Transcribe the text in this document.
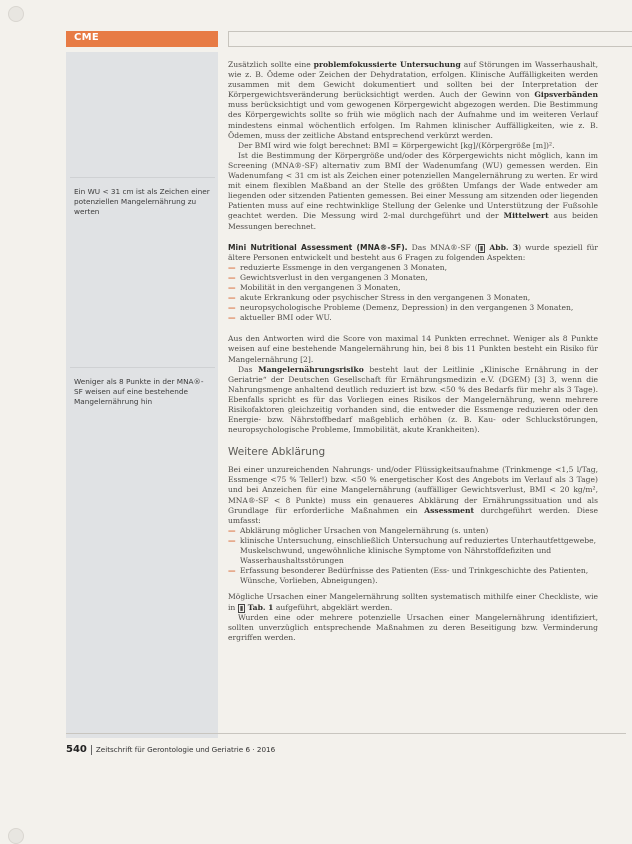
CME
Ein WU < 31 cm ist als Zeichen einer potenziellen Mangelernährung zu werten
Weniger als 8 Punkte in der MNA®-SF weisen auf eine bestehende Mangelernährung hin

Zusätzlich sollte eine problemfokussierte Untersuchung auf Störungen im Wasserhaushalt, wie z. B. Ödeme oder Zeichen der Dehydratation, erfolgen. Klinische Auffälligkeiten werden zusammen mit dem Gewicht dokumentiert und sollten bei der Interpretation der Körpergewichtsveränderung berücksichtigt werden. Auch der Gewinn von Gipsverbänden muss berücksichtigt und vom gewogenen Körpergewicht abgezogen werden. Die Bestimmung des Körpergewichts sollte so früh wie möglich nach der Aufnahme und im weiteren Verlauf mindestens einmal wöchentlich erfolgen. Im Rahmen klinischer Auffälligkeiten, wie z. B. Ödemen, muss der zeitliche Abstand entsprechend verkürzt werden.

Der BMI wird wie folgt berechnet: BMI = Körpergewicht [kg]/(Körpergröße [m])².

Ist die Bestimmung der Körpergröße und/oder des Körpergewichts nicht möglich, kann im Screening (MNA®-SF) alternativ zum BMI der Wadenumfang (WU) gemessen werden. Ein Wadenumfang < 31 cm ist als Zeichen einer potenziellen Mangelernährung zu werten. Er wird mit einem flexiblen Maßband an der Stelle des größten Umfangs der Wade entweder am liegenden oder sitzenden Patienten gemessen. Bei einer Messung am sitzenden oder liegenden Patienten muss auf eine rechtwinklige Stellung der Gelenke und Unterstützung der Fußsohle geachtet werden. Die Messung wird 2-mal durchgeführt und der Mittelwert aus beiden Messungen berechnet.

Mini Nutritional Assessment (MNA®-SF). Das MNA®-SF ( ▮ Abb. 3) wurde speziell für ältere Personen entwickelt und besteht aus 6 Fragen zu folgenden Aspekten:

— reduzierte Essmenge in den vergangenen 3 Monaten,
— Gewichtsverlust in den vergangenen 3 Monaten,
— Mobilität in den vergangenen 3 Monaten,
— akute Erkrankung oder psychischer Stress in den vergangenen 3 Monaten,
— neuropsychologische Probleme (Demenz, Depression) in den vergangenen 3 Monaten,
— aktueller BMI oder WU.

Aus den Antworten wird die Score von maximal 14 Punkten errechnet. Weniger als 8 Punkte weisen auf eine bestehende Mangelernährung hin, bei 8 bis 11 Punkten besteht ein Risiko für Mangelernährung [2].

Das Mangelernährungsrisiko besteht laut der Leitlinie „Klinische Ernährung in der Geriatrie“ der Deutschen Gesellschaft für Ernährungsmedizin e.V. (DGEM) [3] 3, wenn die Nahrungsmenge anhaltend deutlich reduziert ist bzw. <50 % des Bedarfs für mehr als 3 Tage). Ebenfalls spricht es für das Vorliegen eines Risikos der Mangelernährung, wenn mehrere Risikofaktoren gleichzeitig vorhanden sind, die entweder die Essmenge reduzieren oder den Energie- bzw. Nährstoffbedarf maßgeblich erhöhen (z. B. Kau- oder Schluckstörungen, neuropsychologische Probleme, Immobilität, akute Krankheiten).

Weitere Abklärung

Bei einer unzureichenden Nahrungs- und/oder Flüssigkeitsaufnahme (Trinkmenge <1,5 l/Tag, Essmenge <75 % Teller!) bzw. <50 % energetischer Kost des Angebots im Verlauf als 3 Tage) und bei Anzeichen für eine Mangelernährung (auffälliger Gewichtsverlust, BMI < 20 kg/m², MNA®-SF < 8 Punkte) muss ein genaueres Abklärung der Ernährungssituation und als Grundlage für erforderliche Maßnahmen ein Assessment durchgeführt werden. Diese umfasst:

— Abklärung möglicher Ursachen von Mangelernährung (s. unten)
— klinische Untersuchung, einschließlich Untersuchung auf reduziertes Unterhautfettgewebe, Muskelschwund, ungewöhnliche klinische Symptome von Nährstoffdefiziten und Wasserhaushaltsstörungen
— Erfassung besonderer Bedürfnisse des Patienten (Ess- und Trinkgeschichte des Patienten, Wünsche, Vorlieben, Abneigungen).

Mögliche Ursachen einer Mangelernährung sollten systematisch mithilfe einer Checkliste, wie in ▮ Tab. 1 aufgeführt, abgeklärt werden.

Wurden eine oder mehrere potenzielle Ursachen einer Mangelernährung identifiziert, sollten unverzüglich entsprechende Maßnahmen zu deren Beseitigung bzw. Verminderung ergriffen werden.

540 Zeitschrift für Gerontologie und Geriatrie 6 · 2016
